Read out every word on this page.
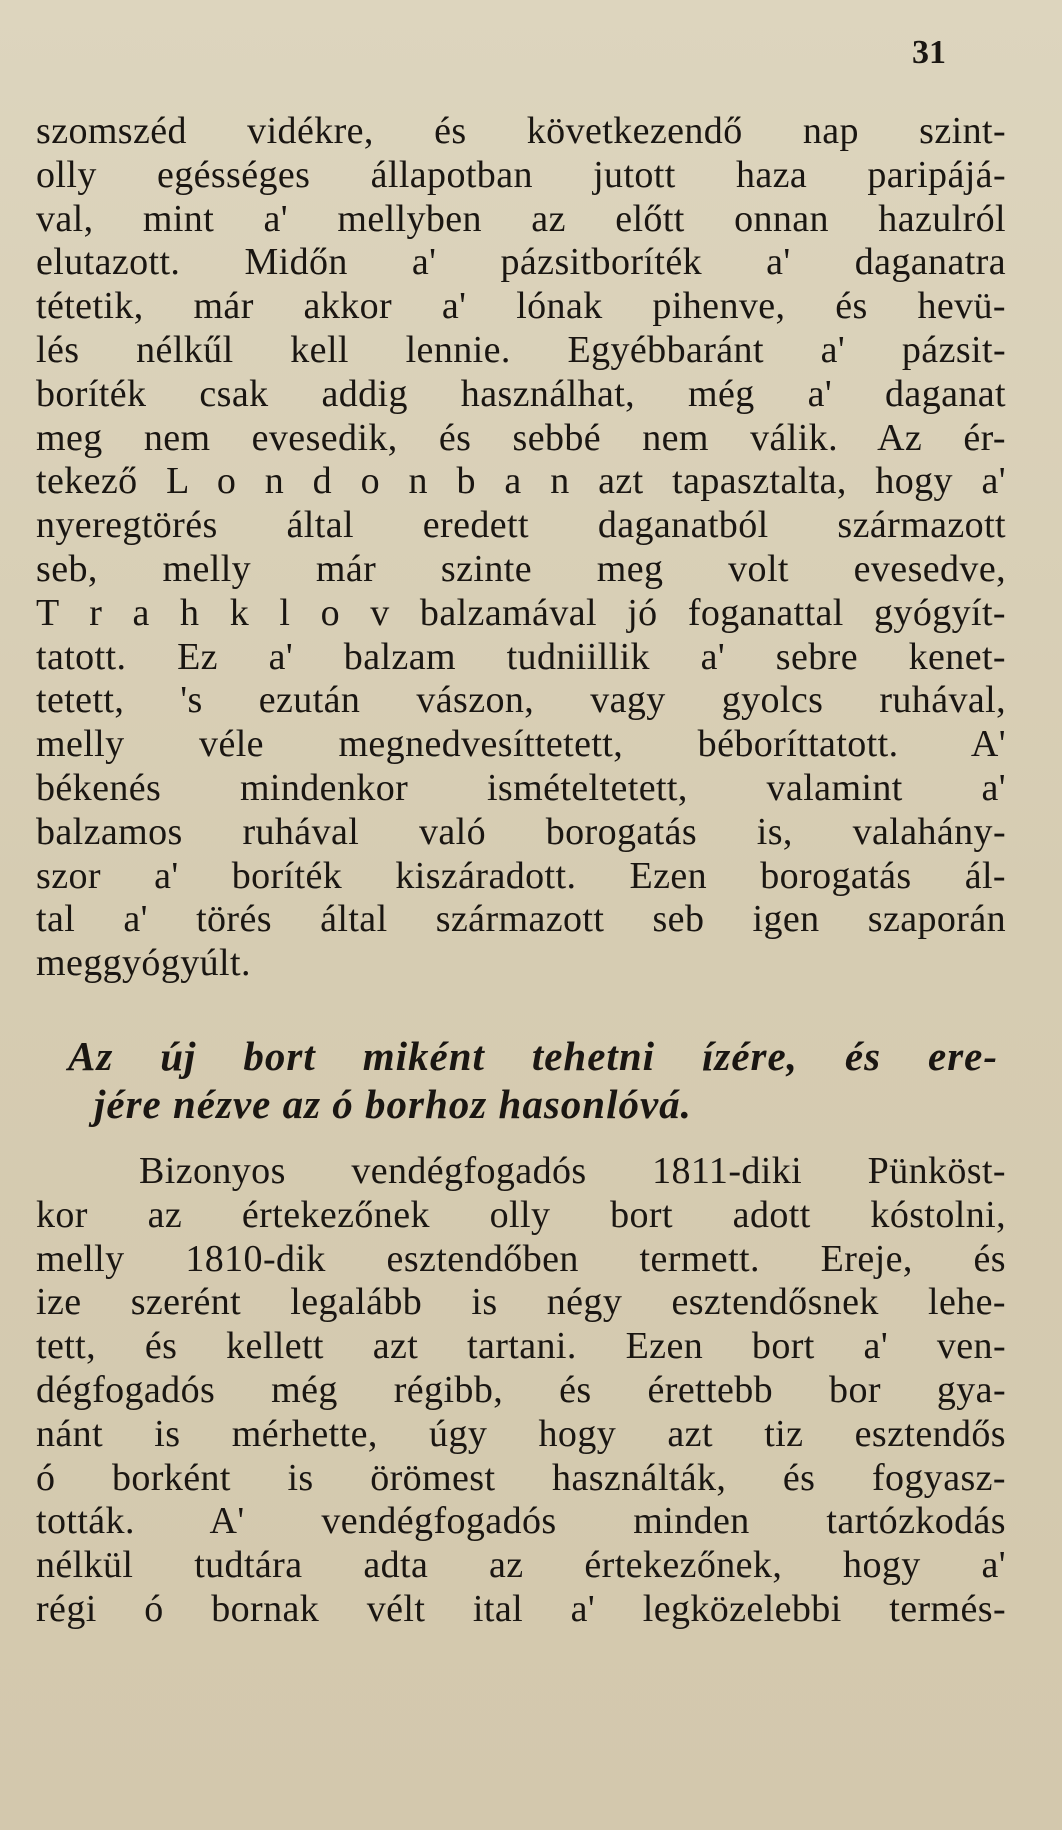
31
szomszéd vidékre, és következendő nap szint-
olly egésséges állapotban jutott haza paripájá-
val, mint a' mellyben az előtt onnan hazulról
elutazott. Midőn a' pázsitboríték a' daganatra
tétetik, már akkor a' lónak pihenve, és hevü-
lés nélkűl kell lennie. Egyébbaránt a' pázsit-
boríték csak addig használhat, még a' daganat
meg nem evesedik, és sebbé nem válik. Az ér-
tekező L o n d o n b a n azt tapasztalta, hogy a'
nyeregtörés által eredett daganatból származott
seb, melly már szinte meg volt evesedve,
T r a h k l o v balzamával jó foganattal gyógyít-
tatott. Ez a' balzam tudniillik a' sebre kenet-
tetett, 's ezután vászon, vagy gyolcs ruhával,
melly véle megnedvesíttetett, béboríttatott. A'
békenés mindenkor ismételtetett, valamint a'
balzamos ruhával való borogatás is, valahány-
szor a' boríték kiszáradott. Ezen borogatás ál-
tal a' törés által származott seb igen szaporán
meggyógyúlt.
Az új bort miként tehetni ízére, és ere-
jére nézve az ó borhoz hasonlóvá.
Bizonyos vendégfogadós 1811-diki Pünköst-
kor az értekezőnek olly bort adott kóstolni,
melly 1810-dik esztendőben termett. Ereje, és
ize szerént legalább is négy esztendősnek lehe-
tett, és kellett azt tartani. Ezen bort a' ven-
dégfogadós még régibb, és érettebb bor gya-
nánt is mérhette, úgy hogy azt tiz esztendős
ó borként is örömest használták, és fogyasz-
tották. A' vendégfogadós minden tartózkodás
nélkül tudtára adta az értekezőnek, hogy a'
régi ó bornak vélt ital a' legközelebbi termés-
